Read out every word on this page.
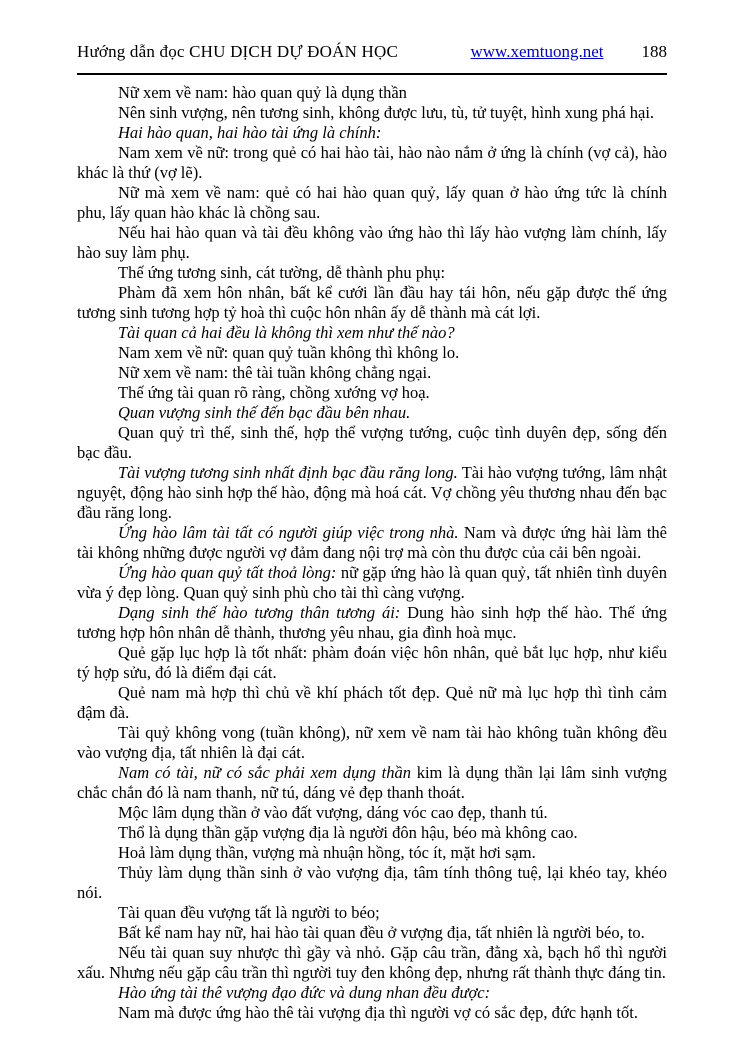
Hướng dẫn đọc CHU DỊCH DỰ ĐOÁN HỌC	www.xemtuong.net 188

Nữ xem về nam: hào quan quỷ là dụng thần

Nên sinh vượng, nên tương sinh, không được lưu, tù, tử tuyệt, hình xung phá hại.

Hai hào quan, hai hào tài ứng là chính:

Nam xem về nữ: trong quẻ có hai hào tài, hào nào nắm ở ứng là chính (vợ cả), hào khác là thứ (vợ lẽ).

Nữ mà xem về nam: quẻ có hai hào quan quỷ, lấy quan ở hào ứng tức là chính phu, lấy quan hào khác là chồng sau.

Nếu hai hào quan và tài đều không vào ứng hào thì lấy hào vượng làm chính, lấy hào suy làm phụ.

Thế ứng tương sinh, cát tường, dễ thành phu phụ:

Phàm đã xem hôn nhân, bất kể cưới lần đầu hay tái hôn, nếu gặp được thế ứng tương sinh tương hợp tỷ hoà thì cuộc hôn nhân ấy dễ thành mà cát lợi.

Tài quan cả hai đều là không thì xem như thế nào?

Nam xem về nữ: quan quỷ tuần không thì không lo.

Nữ xem về nam: thê tài tuần không chẳng ngại.

Thế ứng tài quan rõ ràng, chồng xướng vợ hoạ.

Quan vượng sinh thế đến bạc đầu bên nhau.

Quan quỷ trì thế, sinh thế, hợp thể vượng tướng, cuộc tình duyên đẹp, sống đến bạc đầu.

Tài vượng tương sinh nhất định bạc đầu răng long. Tài hào vượng tướng, lâm nhật nguyệt, động hào sinh hợp thế hào, động mà hoá cát. Vợ chồng yêu thương nhau đến bạc đầu răng long.

Ứng hào lâm tài tất có người giúp việc trong nhà. Nam và được ứng hài làm thê tài không những được người vợ đảm đang nội trợ mà còn thu được của cải bên ngoài.

Ứng hào quan quỷ tất thoả lòng: nữ gặp ứng hào là quan quỷ, tất nhiên tình duyên vừa ý đẹp lòng. Quan quỷ sinh phù cho tài thì càng vượng.

Dạng sinh thế hào tương thân tương ái: Dung hào sinh hợp thế hào. Thế ứng tương hợp hôn nhân dễ thành, thương yêu nhau, gia đình hoà mục.

Quẻ gặp lục hợp là tốt nhất: phàm đoán việc hôn nhân, quẻ bắt lục hợp, như kiểu tý hợp sửu, đó là điểm đại cát.

Quẻ nam mà hợp thì chủ về khí phách tốt đẹp. Quẻ nữ mà lục hợp thì tình cảm đậm đà.

Tài quỷ không vong (tuần không), nữ xem về nam tài hào không tuần không đều vào vượng địa, tất nhiên là đại cát.

Nam có tài, nữ có sắc phải xem dụng thần kim là dụng thần lại lâm sinh vượng chắc chắn đó là nam thanh, nữ tú, dáng vẻ đẹp thanh thoát.

Mộc lâm dụng thần ở vào đất vượng, dáng vóc cao đẹp, thanh tú.

Thổ là dụng thần gặp vượng địa là người đôn hậu, béo mà không cao.

Hoả làm dụng thần, vượng mà nhuận hồng, tóc ít, mặt hơi sạm.

Thủy làm dụng thần sinh ở vào vượng địa, tâm tính thông tuệ, lại khéo tay, khéo nói.

Tài quan đều vượng tất là người to béo;

Bất kể nam hay nữ, hai hào tài quan đều ở vượng địa, tất nhiên là người béo, to.

Nếu tài quan suy nhược thì gầy và nhỏ. Gặp câu trần, đằng xà, bạch hổ thì người xấu. Nhưng nếu gặp câu trần thì người tuy đen không đẹp, nhưng rất thành thực đáng tin.

Hào ứng tài thê vượng đạo đức và dung nhan đều được:

Nam mà được ứng hào thê tài vượng địa thì người vợ có sắc đẹp, đức hạnh tốt.
